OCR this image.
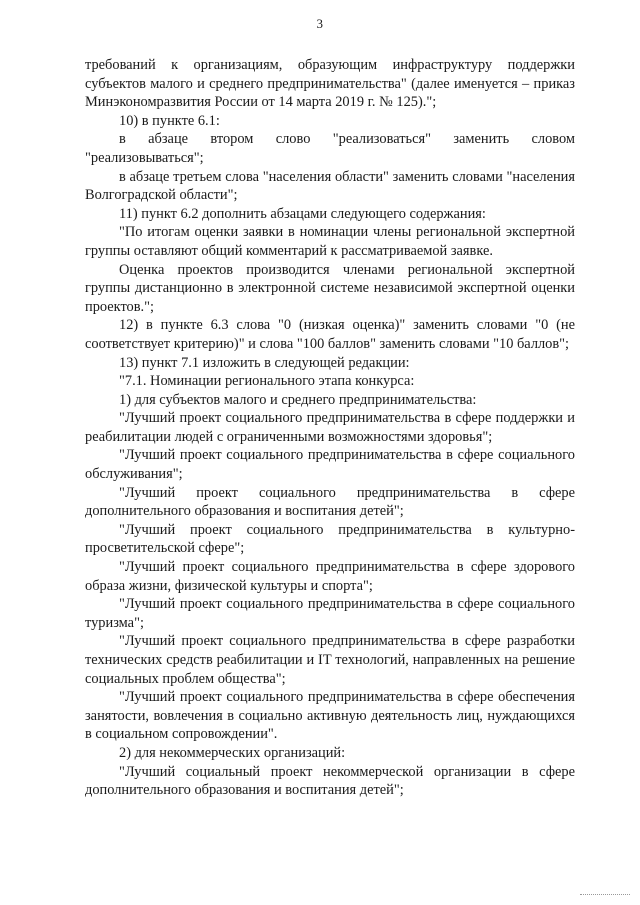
3

требований к организациям, образующим инфраструктуру поддержки субъектов малого и среднего предпринимательства" (далее именуется – приказ Минэкономразвития России от 14 марта 2019 г. № 125).";

10) в пункте 6.1:

в абзаце втором слово "реализоваться" заменить словом "реализовываться";

в абзаце третьем слова "населения области" заменить словами "населения Волгоградской области";

11) пункт 6.2 дополнить абзацами следующего содержания:

"По итогам оценки заявки в номинации члены региональной экспертной группы оставляют общий комментарий к рассматриваемой заявке.

Оценка проектов производится членами региональной экспертной группы дистанционно в электронной системе независимой экспертной оценки проектов.";

12) в пункте 6.3 слова "0 (низкая оценка)" заменить словами "0 (не соответствует критерию)" и слова "100 баллов" заменить словами "10 баллов";

13) пункт 7.1 изложить в следующей редакции:

"7.1. Номинации регионального этапа конкурса:

1) для субъектов малого и среднего предпринимательства:

"Лучший проект социального предпринимательства в сфере поддержки и реабилитации людей с ограниченными возможностями здоровья";

"Лучший проект социального предпринимательства в сфере социального обслуживания";

"Лучший проект социального предпринимательства в сфере дополнительного образования и воспитания детей";

"Лучший проект социального предпринимательства в культурно-просветительской сфере";

"Лучший проект социального предпринимательства в сфере здорового образа жизни, физической культуры и спорта";

"Лучший проект социального предпринимательства в сфере социального туризма";

"Лучший проект социального предпринимательства в сфере разработки технических средств реабилитации и IT технологий, направленных на решение социальных проблем общества";

"Лучший проект социального предпринимательства в сфере обеспечения занятости, вовлечения в социально активную деятельность лиц, нуждающихся в социальном сопровождении".

2) для некоммерческих организаций:

"Лучший социальный проект некоммерческой организации в сфере дополнительного образования и воспитания детей";
